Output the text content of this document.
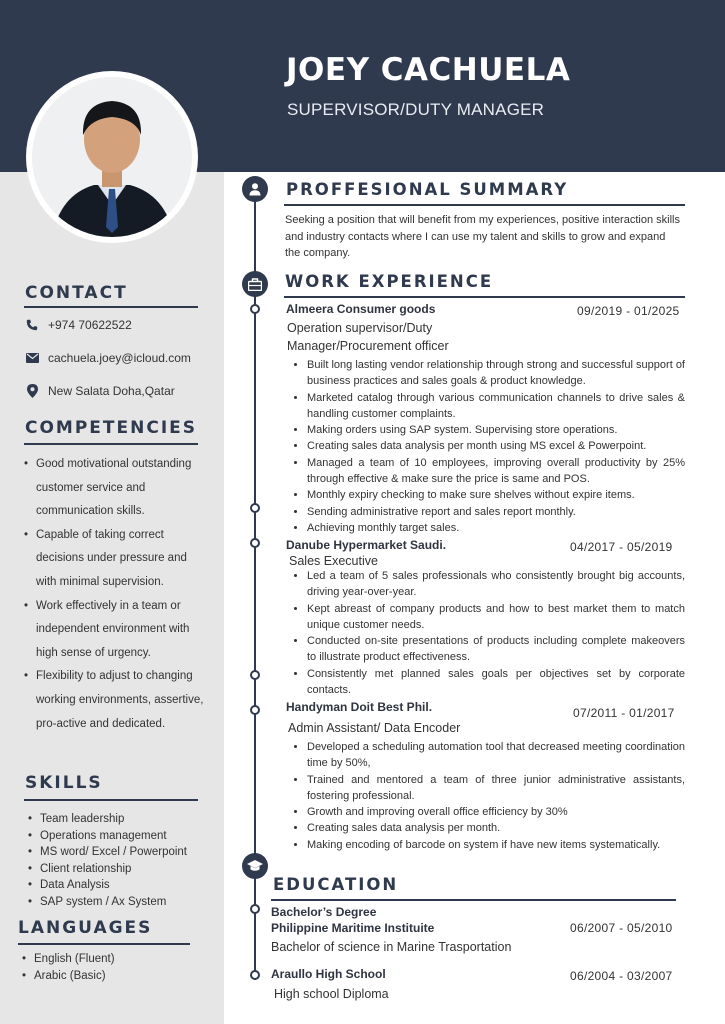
JOEY CACHUELA
SUPERVISOR/DUTY MANAGER
CONTACT
+974 70622522
cachuela.joey@icloud.com
New Salata Doha,Qatar
COMPETENCIES
• Good motivational outstanding customer service and communication skills.
• Capable of taking correct decisions under pressure and with minimal supervision.
• Work effectively in a team or independent environment with high sense of urgency.
• Flexibility to adjust to changing working environments, assertive, pro-active and dedicated.
SKILLS
• Team leadership
• Operations management
• MS word/ Excel / Powerpoint
• Client relationship
• Data Analysis
• SAP system / Ax System
LANGUAGES
• English (Fluent)
• Arabic (Basic)
PROFFESIONAL SUMMARY
Seeking a position that will benefit from my experiences, positive interaction skills and industry contacts where I can use my talent and skills to grow and expand the company.
WORK EXPERIENCE
Almeera Consumer goods	09/2019 - 01/2025
Operation supervisor/Duty Manager/Procurement officer
• Built long lasting vendor relationship through strong and successful support of business practices and sales goals & product knowledge.
• Marketed catalog through various communication channels to drive sales & handling customer complaints.
• Making orders using SAP system. Supervising store operations.
• Creating sales data analysis per month using MS excel & Powerpoint.
• Managed a team of 10 employees, improving overall productivity by 25% through effective & make sure the price is same and POS.
• Monthly expiry checking to make sure shelves without expire items.
• Sending administrative report and sales report monthly.
• Achieving monthly target sales.
Danube Hypermarket Saudi.	04/2017 - 05/2019
Sales Executive
• Led a team of 5 sales professionals who consistently brought big accounts, driving year-over-year.
• Kept abreast of company products and how to best market them to match unique customer needs.
• Conducted on-site presentations of products including complete makeovers to illustrate product effectiveness.
• Consistently met planned sales goals per objectives set by corporate contacts.
Handyman Doit Best Phil.	07/2011 - 01/2017
Admin Assistant/ Data Encoder
• Developed a scheduling automation tool that decreased meeting coordination time by 50%,
• Trained and mentored a team of three junior administrative assistants, fostering professional.
• Growth and improving overall office efficiency by 30%
• Creating sales data analysis per month.
• Making encoding of barcode on system if have new items systematically.
EDUCATION
Bachelor’s Degree
Philippine Maritime Instituite	06/2007 - 05/2010
Bachelor of science in Marine Trasportation
Araullo High School	06/2004 - 03/2007
High school Diploma
